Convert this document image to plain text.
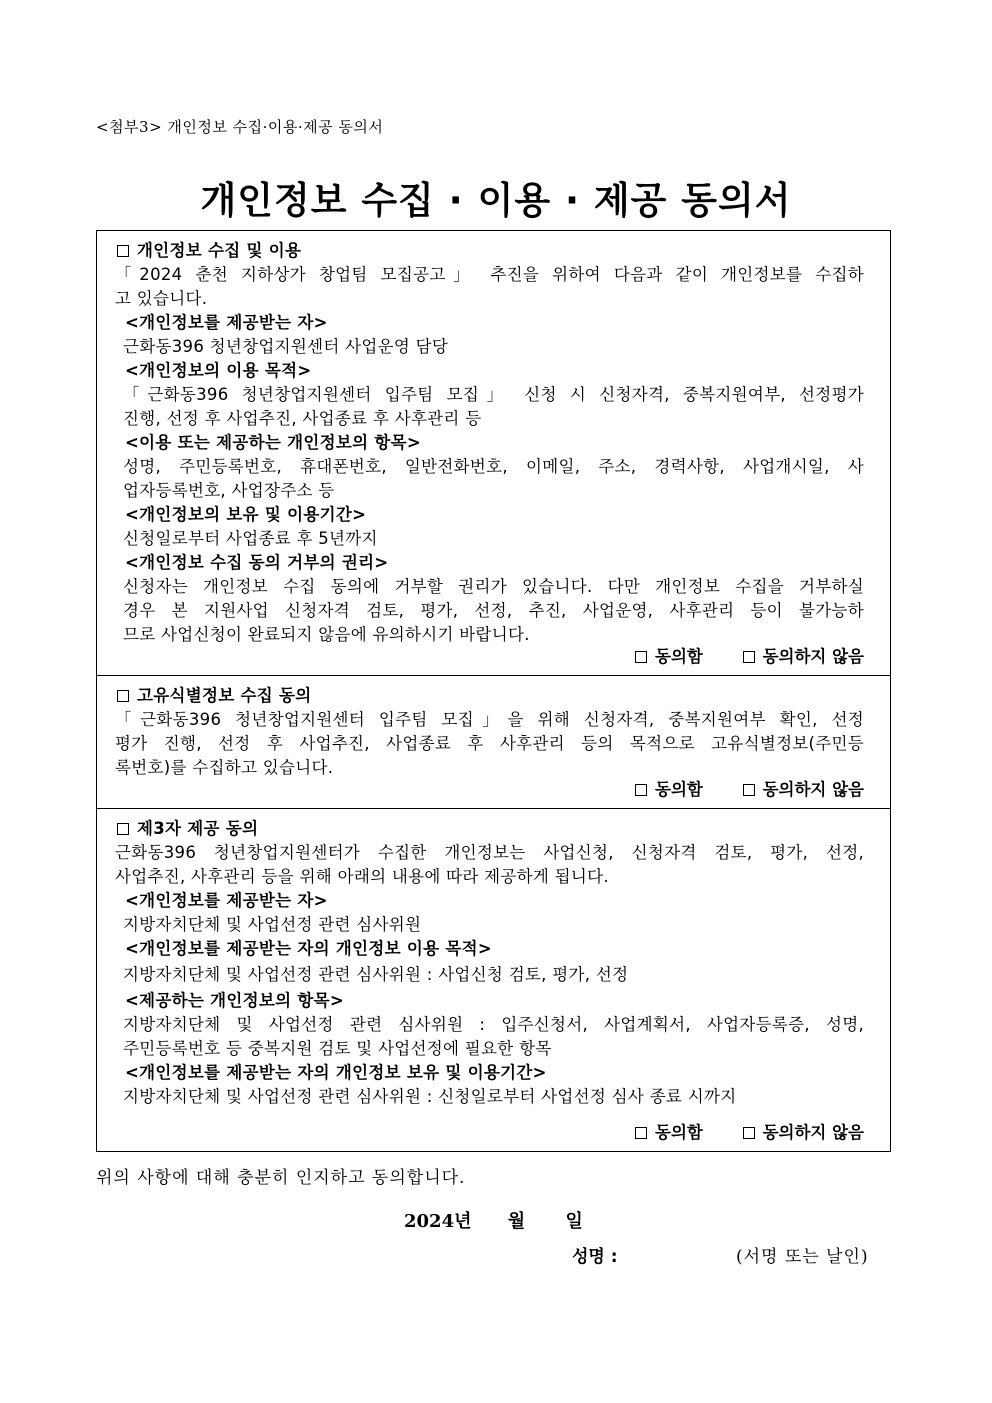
<첨부3> 개인정보 수집·이용·제공 동의서
개인정보 수집 · 이용 · 제공 동의서
개인정보 수집 및 이용
「2024 춘천 지하상가 창업팀 모집공고」 추진을 위하여 다음과 같이 개인정보를 수집하
고 있습니다.
<개인정보를 제공받는 자>
근화동396 청년창업지원센터 사업운영 담당
<개인정보의 이용 목적>
「근화동396 청년창업지원센터 입주팀 모집」 신청 시 신청자격, 중복지원여부, 선정평가
진행, 선정 후 사업추진, 사업종료 후 사후관리 등
<이용 또는 제공하는 개인정보의 항목>
성명, 주민등록번호, 휴대폰번호, 일반전화번호, 이메일, 주소, 경력사항, 사업개시일, 사
업자등록번호, 사업장주소 등
<개인정보의 보유 및 이용기간>
신청일로부터 사업종료 후 5년까지
<개인정보 수집 동의 거부의 권리>
신청자는 개인정보 수집 동의에 거부할 권리가 있습니다. 다만 개인정보 수집을 거부하실
경우 본 지원사업 신청자격 검토, 평가, 선정, 추진, 사업운영, 사후관리 등이 불가능하
므로 사업신청이 완료되지 않음에 유의하시기 바랍니다.
동의함	동의하지 않음
고유식별정보 수집 동의
「근화동396 청년창업지원센터 입주팀 모집」을 위해 신청자격, 중복지원여부 확인, 선정
평가 진행, 선정 후 사업추진, 사업종료 후 사후관리 등의 목적으로 고유식별정보(주민등
록번호)를 수집하고 있습니다.
동의함	동의하지 않음
제3자 제공 동의
근화동396 청년창업지원센터가 수집한 개인정보는 사업신청, 신청자격 검토, 평가, 선정,
사업추진, 사후관리 등을 위해 아래의 내용에 따라 제공하게 됩니다.
<개인정보를 제공받는 자>
지방자치단체 및 사업선정 관련 심사위원
<개인정보를 제공받는 자의 개인정보 이용 목적>
지방자치단체 및 사업선정 관련 심사위원 : 사업신청 검토, 평가, 선정
<제공하는 개인정보의 항목>
지방자치단체 및 사업선정 관련 심사위원 : 입주신청서, 사업계획서, 사업자등록증, 성명,
주민등록번호 등 중복지원 검토 및 사업선정에 필요한 항목
<개인정보를 제공받는 자의 개인정보 보유 및 이용기간>
지방자치단체 및 사업선정 관련 심사위원 : 신청일로부터 사업선정 심사 종료 시까지
동의함	동의하지 않음
위의 사항에 대해 충분히 인지하고 동의합니다.
2024년 월 일
성명 :	(서명 또는 날인)
